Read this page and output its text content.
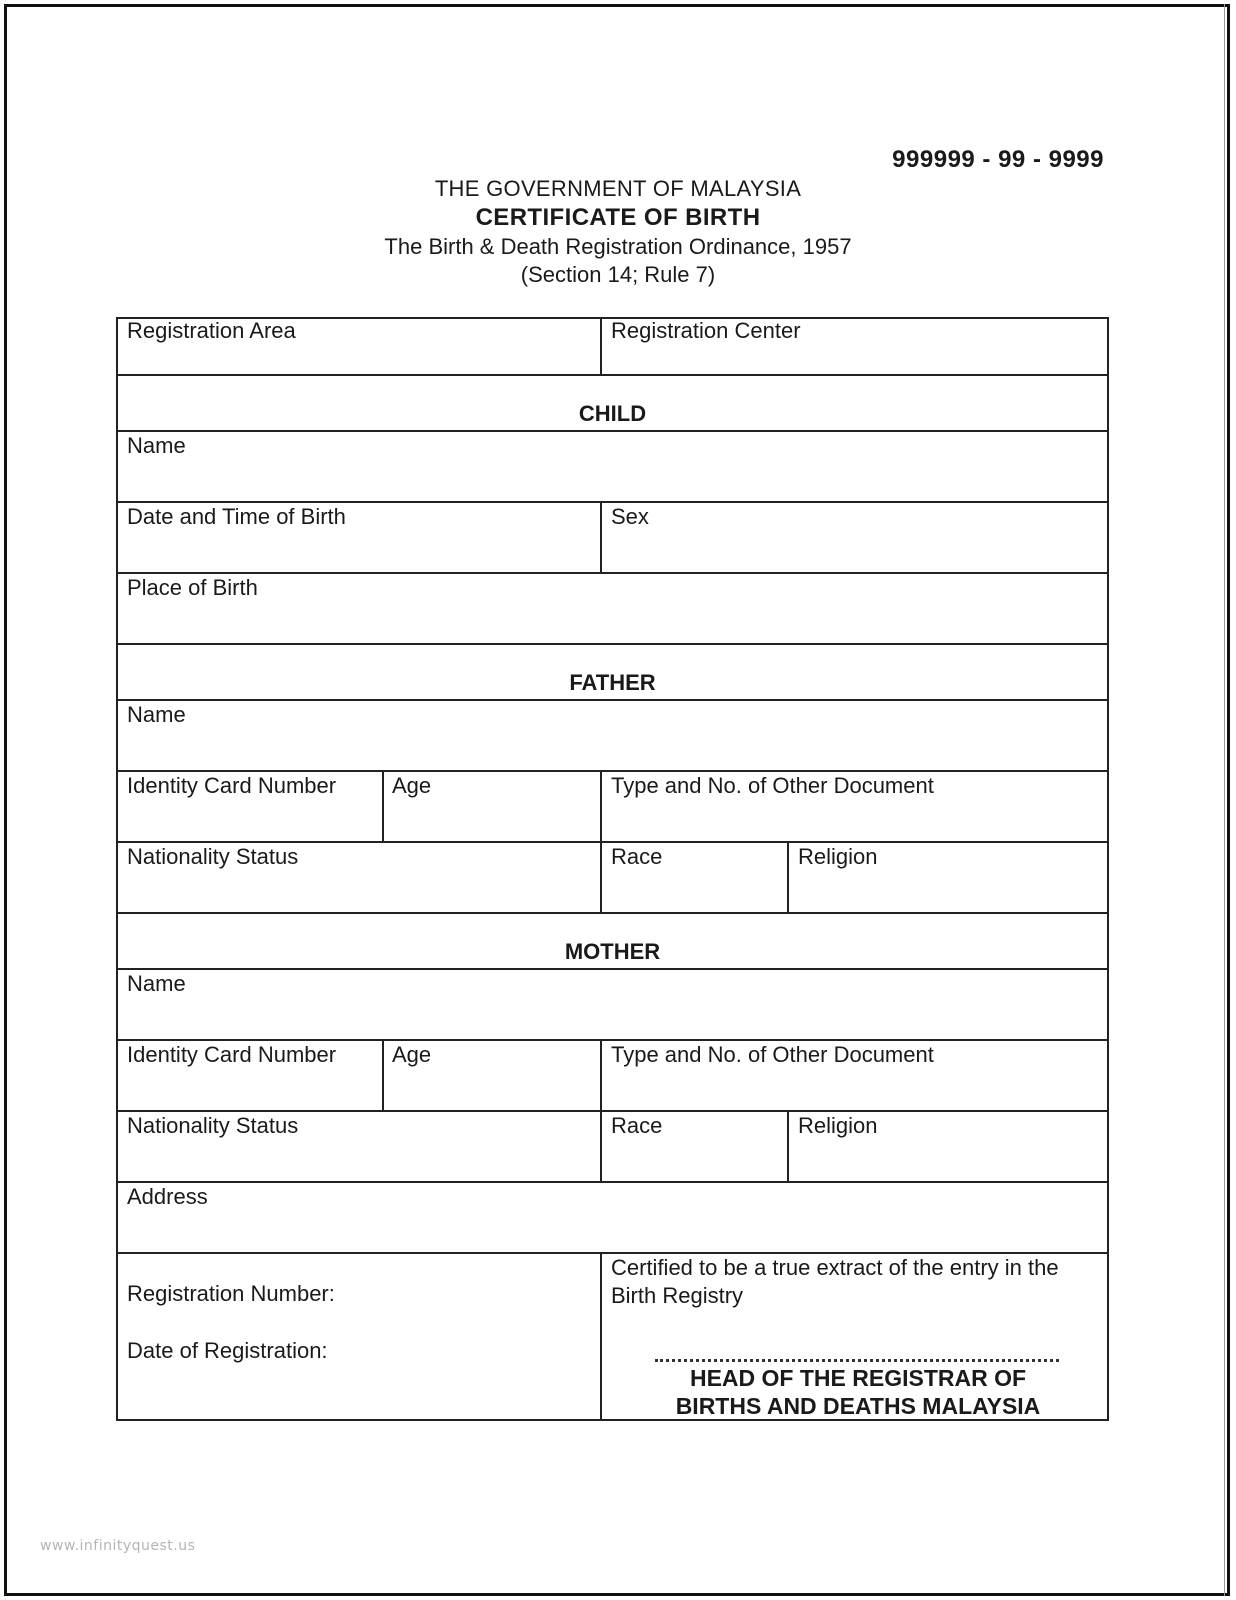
999999 - 99 - 9999
THE GOVERNMENT OF MALAYSIA
CERTIFICATE OF BIRTH
The Birth & Death Registration Ordinance, 1957
(Section 14; Rule 7)
Registration Area	Registration Center
CHILD
Name
Date and Time of Birth	Sex
Place of Birth
FATHER
Name
Identity Card Number	Age	Type and No. of Other Document
Nationality Status	Race	Religion
MOTHER
Name
Identity Card Number	Age	Type and No. of Other Document
Nationality Status	Race	Religion
Address
Registration Number:
Date of Registration:
Certified to be a true extract of the entry in the Birth Registry
HEAD OF THE REGISTRAR OF
BIRTHS AND DEATHS MALAYSIA
www.infinityquest.us
